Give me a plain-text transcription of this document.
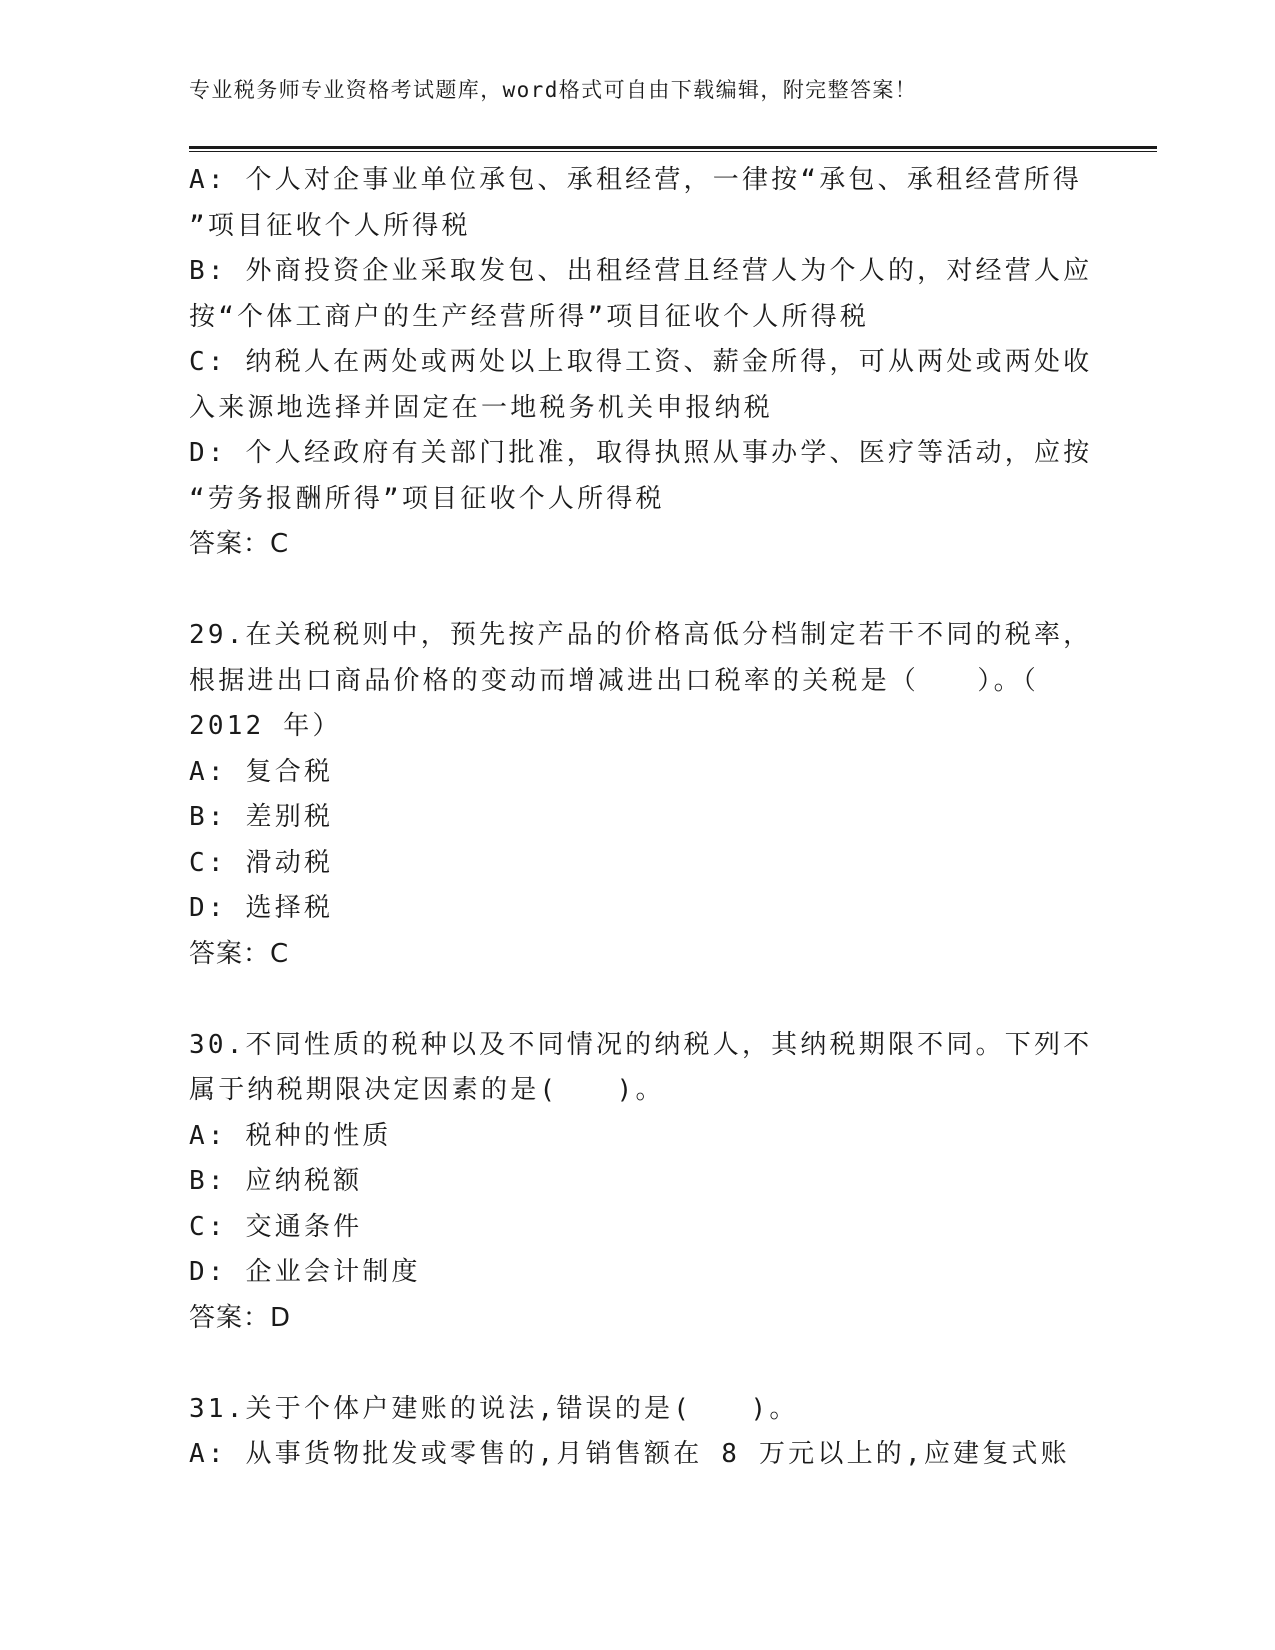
专业税务师专业资格考试题库，word格式可自由下载编辑，附完整答案！
A: 个人对企事业单位承包、承租经营，一律按“承包、承租经营所得
”项目征收个人所得税
B: 外商投资企业采取发包、出租经营且经营人为个人的，对经营人应
按“个体工商户的生产经营所得”项目征收个人所得税
C: 纳税人在两处或两处以上取得工资、薪金所得，可从两处或两处收
入来源地选择并固定在一地税务机关申报纳税
D: 个人经政府有关部门批准，取得执照从事办学、医疗等活动，应按
“劳务报酬所得”项目征收个人所得税
答案：C
29.在关税税则中，预先按产品的价格高低分档制定若干不同的税率，
根据进出口商品价格的变动而增减进出口税率的关税是（　　）。（
2012 年）
A: 复合税
B: 差别税
C: 滑动税
D: 选择税
答案：C
30.不同性质的税种以及不同情况的纳税人，其纳税期限不同。下列不
属于纳税期限决定因素的是(　　)。
A: 税种的性质
B: 应纳税额
C: 交通条件
D: 企业会计制度
答案：D
31.关于个体户建账的说法,错误的是(　　)。
A: 从事货物批发或零售的,月销售额在 8 万元以上的,应建复式账
